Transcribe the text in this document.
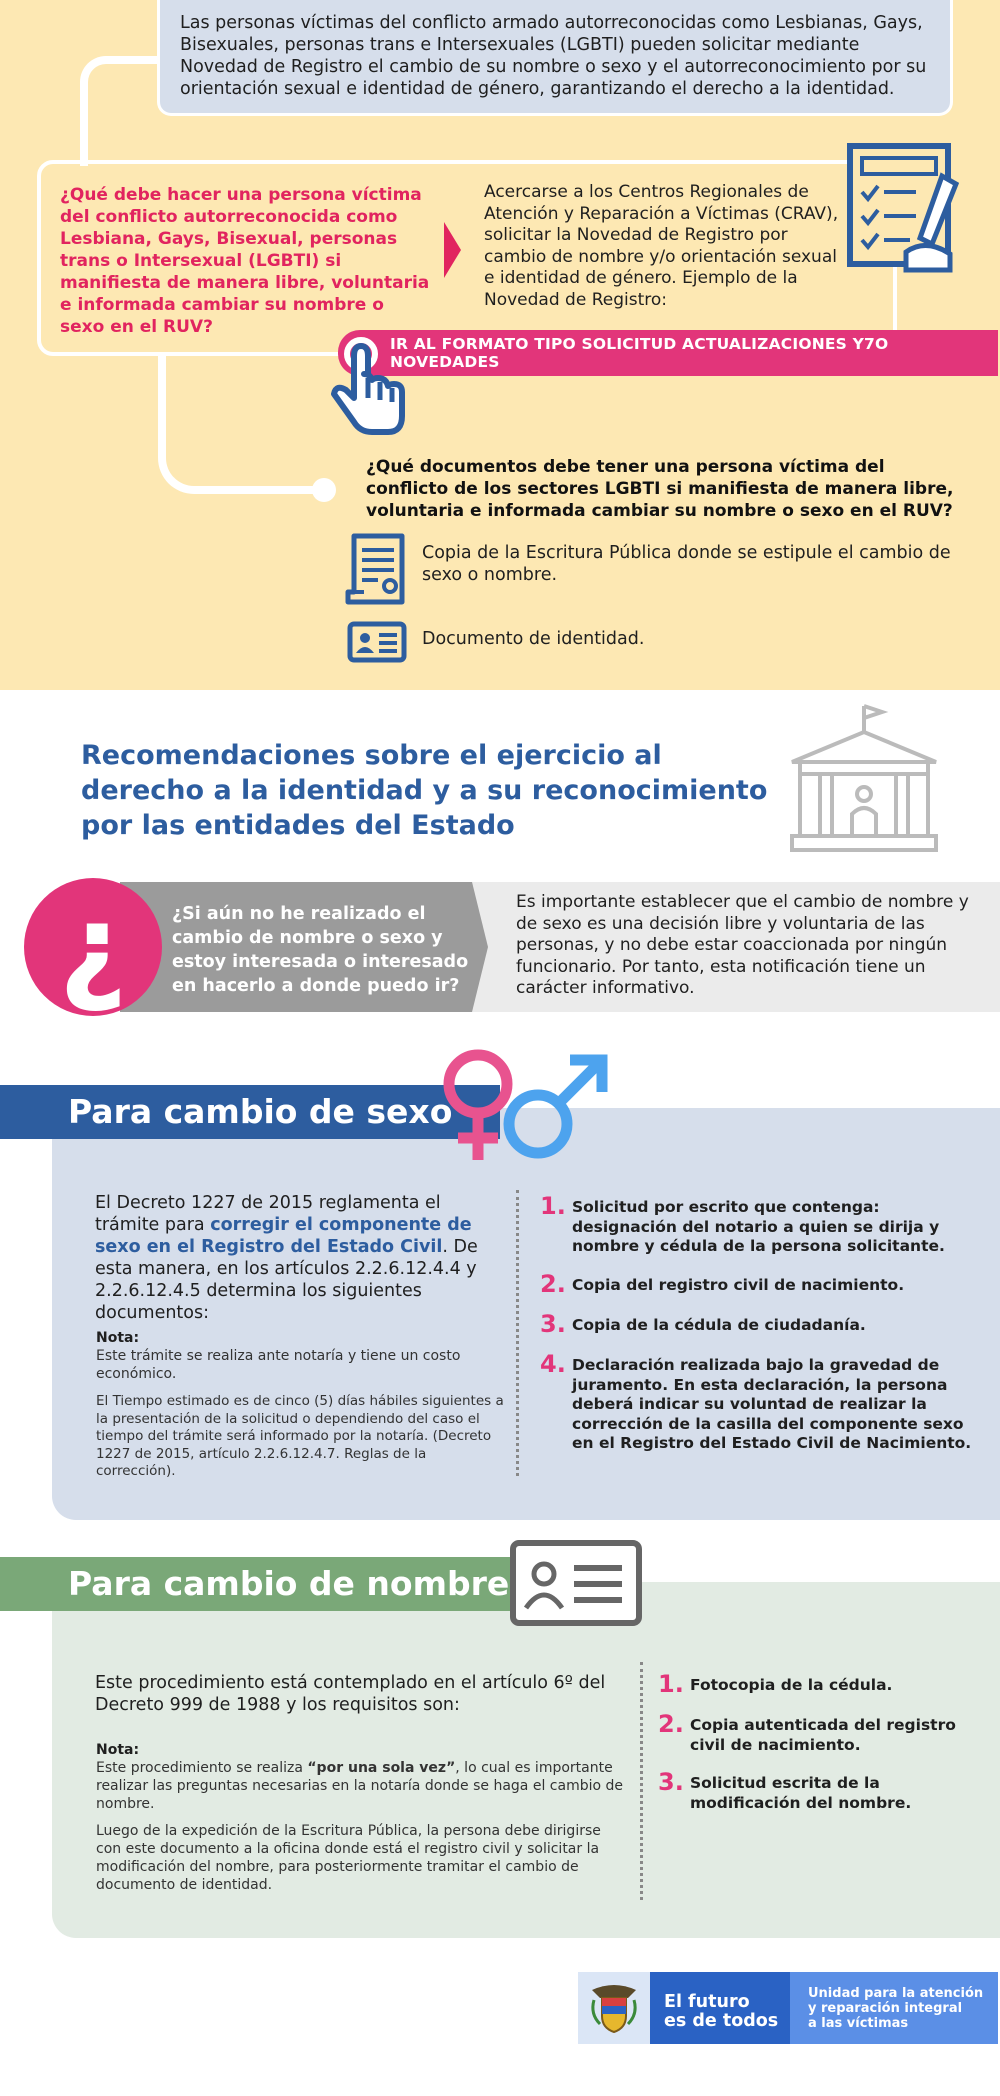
Las personas víctimas del conflicto armado autorreconocidas como Lesbianas, Gays, Bisexuales, personas trans e Intersexuales (LGBTI) pueden solicitar mediante Novedad de Registro el cambio de su nombre o sexo y el autorreconocimiento por su orientación sexual e identidad de género, garantizando el derecho a la identidad.

¿Qué debe hacer una persona víctima del conflicto autorreconocida como Lesbiana, Gays, Bisexual, personas trans o Intersexual (LGBTI) si manifiesta de manera libre, voluntaria e informada cambiar su nombre o sexo en el RUV?

Acercarse a los Centros Regionales de Atención y Reparación a Víctimas (CRAV), solicitar la Novedad de Registro por cambio de nombre y/o orientación sexual e identidad de género. Ejemplo de la Novedad de Registro:

IR AL FORMATO TIPO SOLICITUD ACTUALIZACIONES Y7O NOVEDADES

¿Qué documentos debe tener una persona víctima del conflicto de los sectores LGBTI si manifiesta de manera libre, voluntaria e informada cambiar su nombre o sexo en el RUV?

Copia de la Escritura Pública donde se estipule el cambio de sexo o nombre.

Documento de identidad.

Recomendaciones sobre el ejercicio al derecho a la identidad y a su reconocimiento por las entidades del Estado
¿	¿Si aún no he realizado el cambio de nombre o sexo y estoy interesada o interesado en hacerlo a donde puedo ir?

Es importante establecer que el cambio de nombre y de sexo es una decisión libre y voluntaria de las personas, y no debe estar coaccionada por ningún funcionario. Por tanto, esta notificación tiene un carácter informativo.

Para cambio de sexo

El Decreto 1227 de 2015 reglamenta el trámite para corregir el componente de sexo en el Registro del Estado Civil. De esta manera, en los artículos 2.2.6.12.4.4 y 2.2.6.12.4.5 determina los siguientes documentos:

Nota:

Este trámite se realiza ante notaría y tiene un costo económico.

El Tiempo estimado es de cinco (5) días hábiles siguientes a la presentación de la solicitud o dependiendo del caso el tiempo del trámite será informado por la notaría. (Decreto 1227 de 2015, artículo 2.2.6.12.4.7. Reglas de la corrección).

1. Solicitud por escrito que contenga: designación del notario a quien se dirija y nombre y cédula de la persona solicitante.

2. Copia del registro civil de nacimiento.

3. Copia de la cédula de ciudadanía.

4. Declaración realizada bajo la gravedad de juramento. En esta declaración, la persona deberá indicar su voluntad de realizar la corrección de la casilla del componente sexo en el Registro del Estado Civil de Nacimiento.

Para cambio de nombre

Este procedimiento está contemplado en el artículo 6º del Decreto 999 de 1988 y los requisitos son:

Nota:

Este procedimiento se realiza “por una sola vez”, lo cual es importante realizar las preguntas necesarias en la notaría donde se haga el cambio de nombre.

Luego de la expedición de la Escritura Pública, la persona debe dirigirse con este documento a la oficina donde está el registro civil y solicitar la modificación del nombre, para posteriormente tramitar el cambio de documento de identidad.

1. Fotocopia de la cédula.

2. Copia autenticada del registro civil de nacimiento.

3. Solicitud escrita de la modificación del nombre.

El futuro
es de todos
Unidad para la atención
y reparación integral
a las víctimas
